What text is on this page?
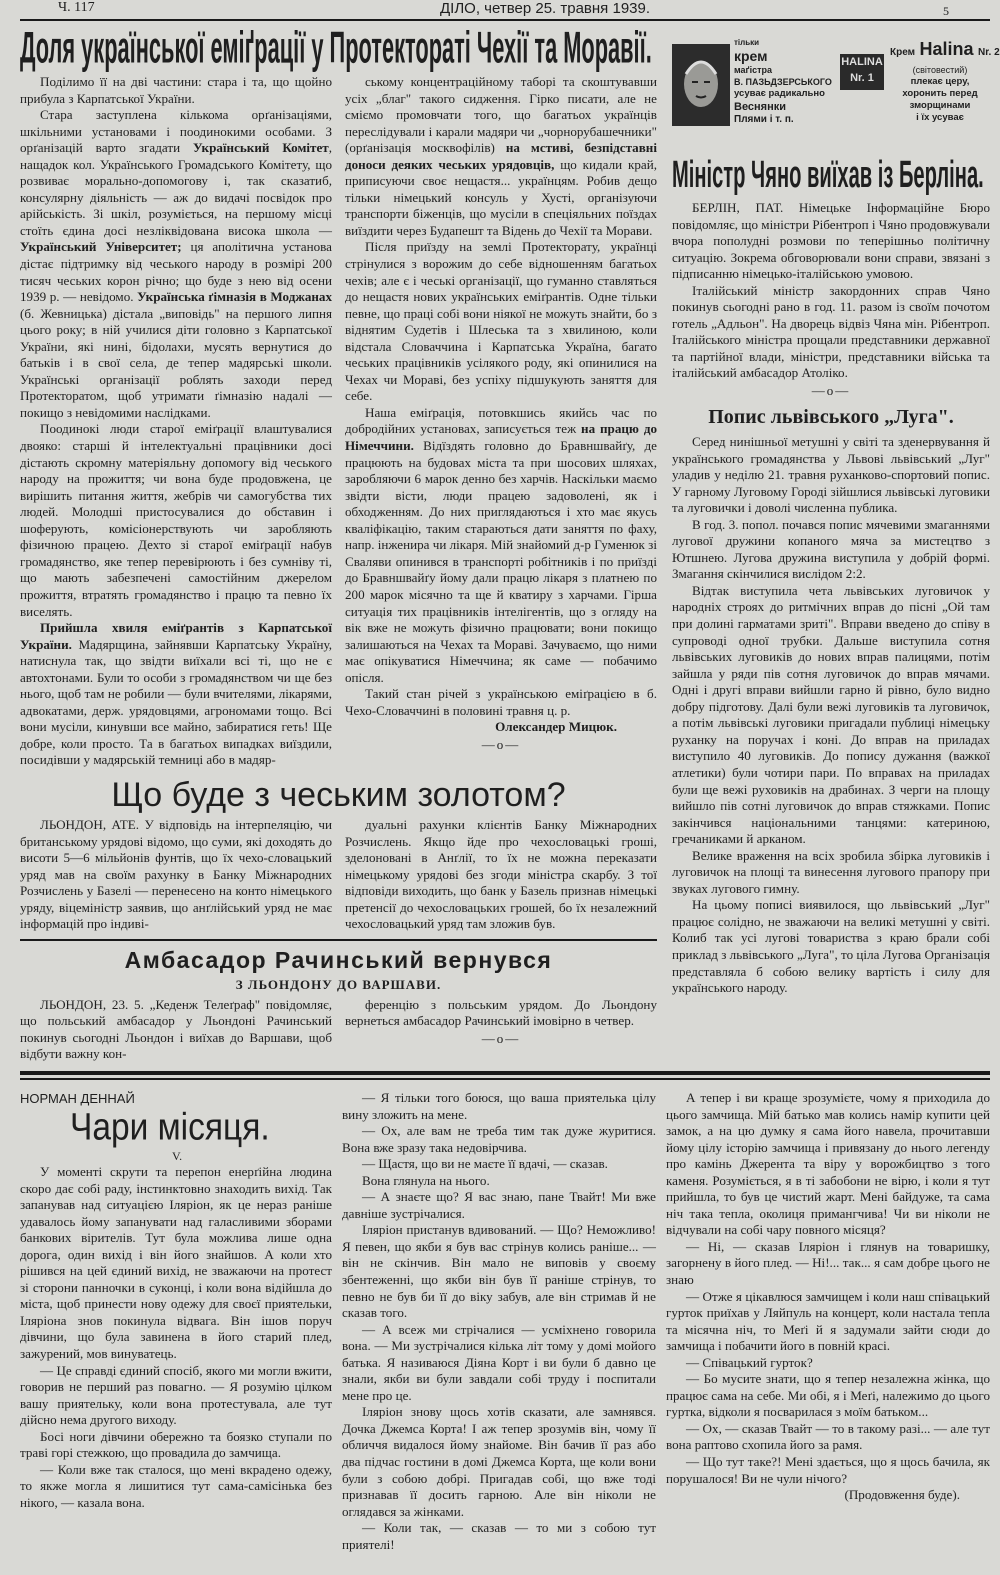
Ч. 117	ДІЛО, четвер 25. травня 1939.	5
Доля української еміґрації у Протектораті Чехії та Моравії.

Поділимо її на дві частини: стара і та, що щойно прибула з Карпатської України.

Стара заступлена кількома орґанізаціями, шкільними установами і поодинокими особами. З орґанізацій варто згадати Український Комітет, нащадок кол. Українського Громадського Комітету, що розвиває морально-допомогову і, так сказатиб, консулярну діяльність — аж до видачі посвідок про арійськість. Зі шкіл, розуміється, на першому місці стоїть єдина досі незліквідована висока школа — Український Університет; ця аполітична установа дістає підтримку від чеського народу в розмірі 200 тисяч чеських корон річно; що буде з нею від осени 1939 р. — невідомо. Українська ґімназія в Моджанах (б. Жевницька) дістала „виповідь" на першого липня цього року; в ній училися діти головно з Карпатської України, які нині, бідолахи, мусять вернутися до батьків і в свої села, де тепер мадярські школи. Українські організації роблять заходи перед Протекторатом, щоб утримати ґімназію надалі — покищо з невідомими наслідками.

Поодинокі люди старої еміґрації влаштувалися двояко: старші й інтелектуальні працівники досі дістають скромну матеріяльну допомогу від чеського народу на прожиття; чи вона буде продовжена, це вирішить питання життя, жебрів чи самогубства тих людей. Молодші пристосувалися до обставин і шоферують, комісіонерствують чи заробляють фізичною працею. Дехто зі старої еміґрації набув громадянство, яке тепер перевірюють і без сумніву ті, що мають забезпечені самостійним джерелом прожиття, втратять громадянство і працю та певно їх виселять.

Прийшла хвиля еміґрантів з Карпатської України. Мадярщина, зайнявши Карпатську Україну, натиснула так, що звідти виїхали всі ті, що не є автохтонами. Були то особи з громадянством чи ще без нього, щоб там не робили — були вчителями, лікарями, адвокатами, держ. урядовцями, агрономами тощо. Всі вони мусіли, кинувши все майно, забиратися геть! Ще добре, коли просто. Та в багатьох випадках виїздили, посидівши у мадярській темниці або в мадяр-

ському концентраційному таборі та скоштувавши усіх „благ" такого сидження. Гірко писати, але не сміємо промовчати того, що багатьох українців переслідували і карали мадяри чи „чорнорубашечники" (орґанізація москвофілів) на мстиві, безпідставні доноси деяких чеських урядовців, що кидали край, приписуючи своє нещастя... українцям. Робив дещо тільки німецький консуль у Хусті, організуючи транспорти біженців, що мусіли в спеціяльних поїздах виїздити через Будапешт та Відень до Чехії та Морави.

Після приїзду на землі Протекторату, українці стрінулися з ворожим до себе відношенням багатьох чехів; але є і чеські організації, що гуманно ставляться до нещастя нових українських еміґрантів. Одне тільки певне, що праці собі вони ніякої не можуть знайти, бо з віднятим Судетів і Шлеська та з хвилиною, коли відстала Словаччина і Карпатська Україна, багато чеських працівників усілякого роду, які опинилися на Чехах чи Мораві, без успіху підшукують заняття для себе.

Наша еміґрація, потовкшись якийсь час по добродійних установах, записується теж на працю до Німеччини. Відїздять головно до Бравншвайґу, де працюють на будовах міста та при шосових шляхах, заробляючи 6 марок денно без харчів. Наскільки маємо звідти вісти, люди працею задоволені, як і обходженням. До них приглядаються і хто має якусь кваліфікацію, таким стараються дати заняття по фаху, напр. інженира чи лікаря. Мій знайомий д-р Гуменюк зі Сваляви опинився в транспорті робітників і по приїзді до Бравншвайґу йому дали працю лікаря з платнею по 200 марок місячно та ще й кватиру з харчами. Гірша ситуація тих працівників інтелігентів, що з огляду на вік вже не можуть фізично працювати; вони покищо залишаються на Чехах та Мораві. Зачуваємо, що ними має опікуватися Німеччина; як саме — побачимо опісля.

Такий стан річей з українською еміґрацією в б. Чехо-Словаччині в половині травня ц. р.

Олександер Мицюк.
—o—
Що буде з чеським золотом?

ЛЬОНДОН, АТЕ. У відповідь на інтерпеляцію, чи британському урядові відомо, що суми, які доходять до висоти 5—6 мільйонів фунтів, що їх чехо-словацький уряд мав на своїм рахунку в Банку Міжнародних Розчислень у Базелі — перенесено на конто німецького уряду, віцеміністр заявив, що анґлійський уряд не має інформацій про індиві-

дуальні рахунки клієнтів Банку Міжнародних Розчислень. Якщо йде про чехословацькі гроші, зделоновані в Анґлії, то їх не можна переказати німецькому урядові без згоди міністра скарбу. З тої відповіди виходить, що банк у Базель признав німецькі претенсії до чехословацьких грошей, бо їх незалежний чехословацький уряд там зложив був.

Амбасадор Рачинський вернувся
З ЛЬОНДОНУ ДО ВАРШАВИ.

ЛЬОНДОН, 23. 5. „Кеденж Телеґраф" повідомляє, що польський амбасадор у Льондоні Рачинський покинув сьогодні Льондон і виїхав до Варшави, щоб відбути важну кон-

ференцію з польським урядом. До Льондону вернеться амбасадор Рачинський імовірно в четвер.

—o—
тільки
крем
маґістра
В. ПАЗЬДЗЕРСЬКОГО
усуває радикально
Веснянки
Плями і т. п.
HALINA
Nr. 1
Крем Halina Nr. 2
(світовестий)
плекає церу,
хоронить перед
зморщинами
і їх усуває
Міністр Чяно виїхав із Берліна.

БЕРЛІН, ПАТ. Німецьке Інформаційне Бюро повідомляє, що міністри Рібентроп і Чяно продовжували вчора пополудні розмови по теперішньо політичну ситуацію. Зокрема обговорювали вони справи, звязані з підписанню німецько-італійською умовою.

Італійський міністр закордонних справ Чяно покинув сьогодні рано в год. 11. разом із своїм почотом готель „Адльон". На дворець відвіз Чяна мін. Рібентроп. Італійського міністра прощали представники державної та партійної влади, міністри, представники війська та італійський амбасадор Атоліко.

—o—
Попис львівського „Луга".

Серед нинішньої метушні у світі та зденервування й українського громадянства у Львові львівський „Луг" уладив у неділю 21. травня руханково-спортовий попис. У гарному Луговому Городі зійшлися львівські луговики та луговички і доволі численна публика.

В год. 3. попол. почався попис мячевими змаганнями лугової дружини копаного мяча за мистецтво з Ютшнею. Лугова дружина виступила у добрій формі. Змагання скінчилися вислідом 2:2.

Відтак виступила чета львівських луговичок у народніх строях до ритмічних вправ до пісні „Ой там при долині гарматами зриті". Вправи введено до співу в супроводі одної трубки. Дальше виступила сотня львівських луговиків до нових вправ палицями, потім зайшла у ряди пів сотня луговичок до вправ мячами. Одні і другі вправи вийшли гарно й рівно, було видно добру підготову. Далі були вежі луговиків та луговичок, а потім львівські луговики пригадали публиці німецьку руханку на поручах і коні. До вправ на приладах виступило 40 луговиків. До попису дужання (важкої атлетики) були чотири пари. По вправах на приладах були ще вежі руховиків на драбинах. З черги на площу вийшло пів сотні луговичок до вправ стяжками. Попис закінчився національними танцями: катериною, гречаниками й арканом.

Велике враження на всіх зробила збірка луговиків і луговичок на площі та винесення лугового прапору при звуках лугового гимну.

На цьому пописі виявилося, що львівський „Луг" працює солідно, не зважаючи на великі метушні у світі. Колиб так усі лугові товариства з краю брали собі приклад з львівського „Луга", то ціла Лугова Організація представляла б собою велику вартість і силу для українського народу.

НОРМАН ДЕННАЙ
Чари місяця.
V.

У моменті скрути та перепон енерґійна людина скоро дає собі раду, інстинктовно знаходить вихід. Так запанував над ситуацією Іляріон, як це нераз раніше удавалось йому запанувати над галасливими зборами банкових вірителів. Тут була можлива лише одна дорога, один вихід і він його знайшов. А коли хто рішився на цей єдиний вихід, не зважаючи на протест зі сторони панночки в суконці, і коли вона відійшла до міста, щоб принести нову одежу для своєї приятельки, Іляріона знов покинула відвага. Він ішов поруч дівчини, що була завинена в його старий плед, зажурений, мов винуватець.

— Це справді єдиний спосіб, якого ми могли вжити, говорив не перший раз повагно. — Я розумію цілком вашу приятельку, коли вона протестувала, але тут дійсно нема другого виходу.

Босі ноги дівчини обережно та боязко ступали по траві горі стежкою, що провадила до замчища.

— Коли вже так сталося, що мені вкрадено одежу, то якже могла я лишитися тут сама-самісінька без нікого, — казала вона.

— Я тільки того боюся, що ваша приятелька цілу вину зложить на мене.

— Ох, але вам не треба тим так дуже журитися. Вона вже зразу така недовірчива.

— Щастя, що ви не маєте її вдачі, — сказав.

Вона глянула на нього.

— А знаєте що? Я вас знаю, пане Твайт! Ми вже давніше зустрічалися.

Іляріон пристанув вдивований. — Що? Неможливо! Я певен, що якби я був вас стрінув колись раніше... — він не скінчив. Він мало не виповів у своєму збентеженні, що якби він був її раніше стрінув, то певно не був би її до віку забув, але він стримав й не сказав того.

— А всеж ми стрічалися — усміхнено говорила вона. — Ми зустрічалися кілька літ тому у домі мойого батька. Я називаюся Діяна Корт і ви були б давно це знали, якби ви були завдали собі труду і поспитали мене про це.

Іляріон знову щось хотів сказати, але замнявся. Дочка Джемса Корта! І аж тепер зрозумів він, чому її обличчя видалося йому знайоме. Він бачив її раз або два підчас гостини в домі Джемса Корта, ще коли вони були з собою добрі. Пригадав собі, що вже тоді признавав її досить гарною. Але він ніколи не оглядався за жінками.

— Коли так, — сказав — то ми з собою тут приятелі!

А тепер і ви краще зрозумієте, чому я приходила до цього замчища. Мій батько мав колись намір купити цей замок, а на цю думку я сама його навела, прочитавши йому цілу історію замчища і привязану до нього легенду про камінь Джерента та віру у ворожбицтво з того каменя. Розуміється, я в ті забобони не вірю, і коли я тут прийшла, то був це чистий жарт. Мені байдуже, та сама ніч така тепла, околиця примангчива! Чи ви ніколи не відчували на собі чару повного місяця?

— Ні, — сказав Іляріон і глянув на товаришку, загорнену в його плед. — Ні!... так... я сам добре цього не знаю

— Отже я цікавлюся замчищем і коли наш співацький гурток приїхав у Ляйпуль на концерт, коли настала тепла та місячна ніч, то Меґі й я задумали зайти сюди до замчища і побачити його в повній красі.

— Співацький гурток?

— Бо мусите знати, що я тепер незалежна жінка, що працює сама на себе. Ми обі, я і Меґі, належимо до цього гуртка, відколи я посварилася з моїм батьком...

— Ох, — сказав Твайт — то в такому разі... — але тут вона раптово схопила його за рамя.

— Що тут таке?! Мені здається, що я щось бачила, як порушалося! Ви не чули нічого?

(Продовження буде).
